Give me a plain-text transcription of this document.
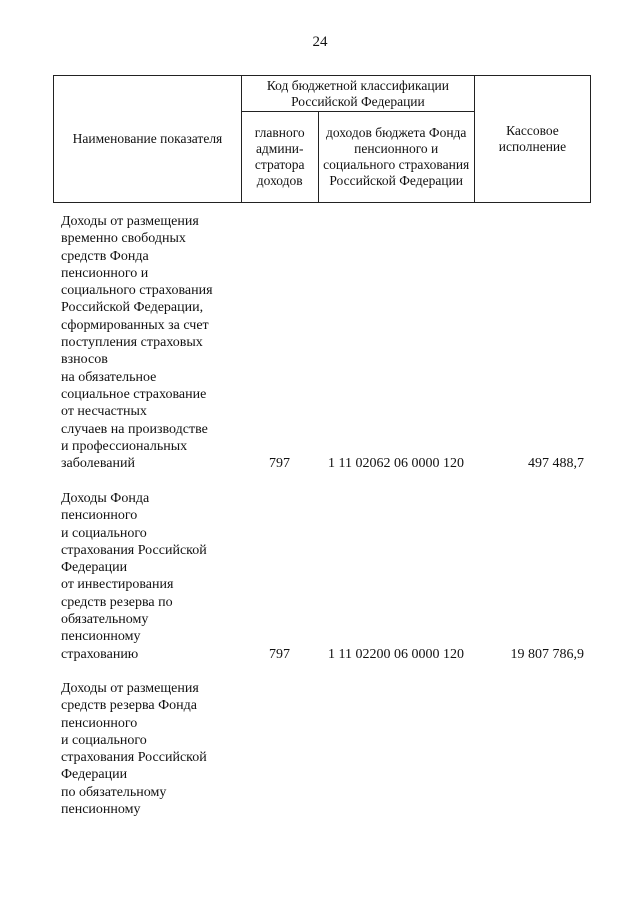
24
Наименование показателя	Код бюджетной классификации Российской Федерации		Кассовое исполнение
	главного админи-стратора доходов	доходов бюджета Фонда пенсионного и социального страхования Российской Федерации	
Доходы от размещения
временно свободных
средств Фонда
пенсионного и
социального страхования
Российской Федерации,
сформированных за счет
поступления страховых
взносов
на обязательное
социальное страхование
от несчастных
случаев на производстве
и профессиональных
заболеваний	797	1 11 02062 06 0000 120	497 488,7
Доходы Фонда
пенсионного
и социального
страхования Российской
Федерации
от инвестирования
средств резерва по
обязательному
пенсионному
страхованию	797	1 11 02200 06 0000 120	19 807 786,9
Доходы от размещения
средств резерва Фонда
пенсионного
и социального
страхования Российской
Федерации
по обязательному
пенсионному
